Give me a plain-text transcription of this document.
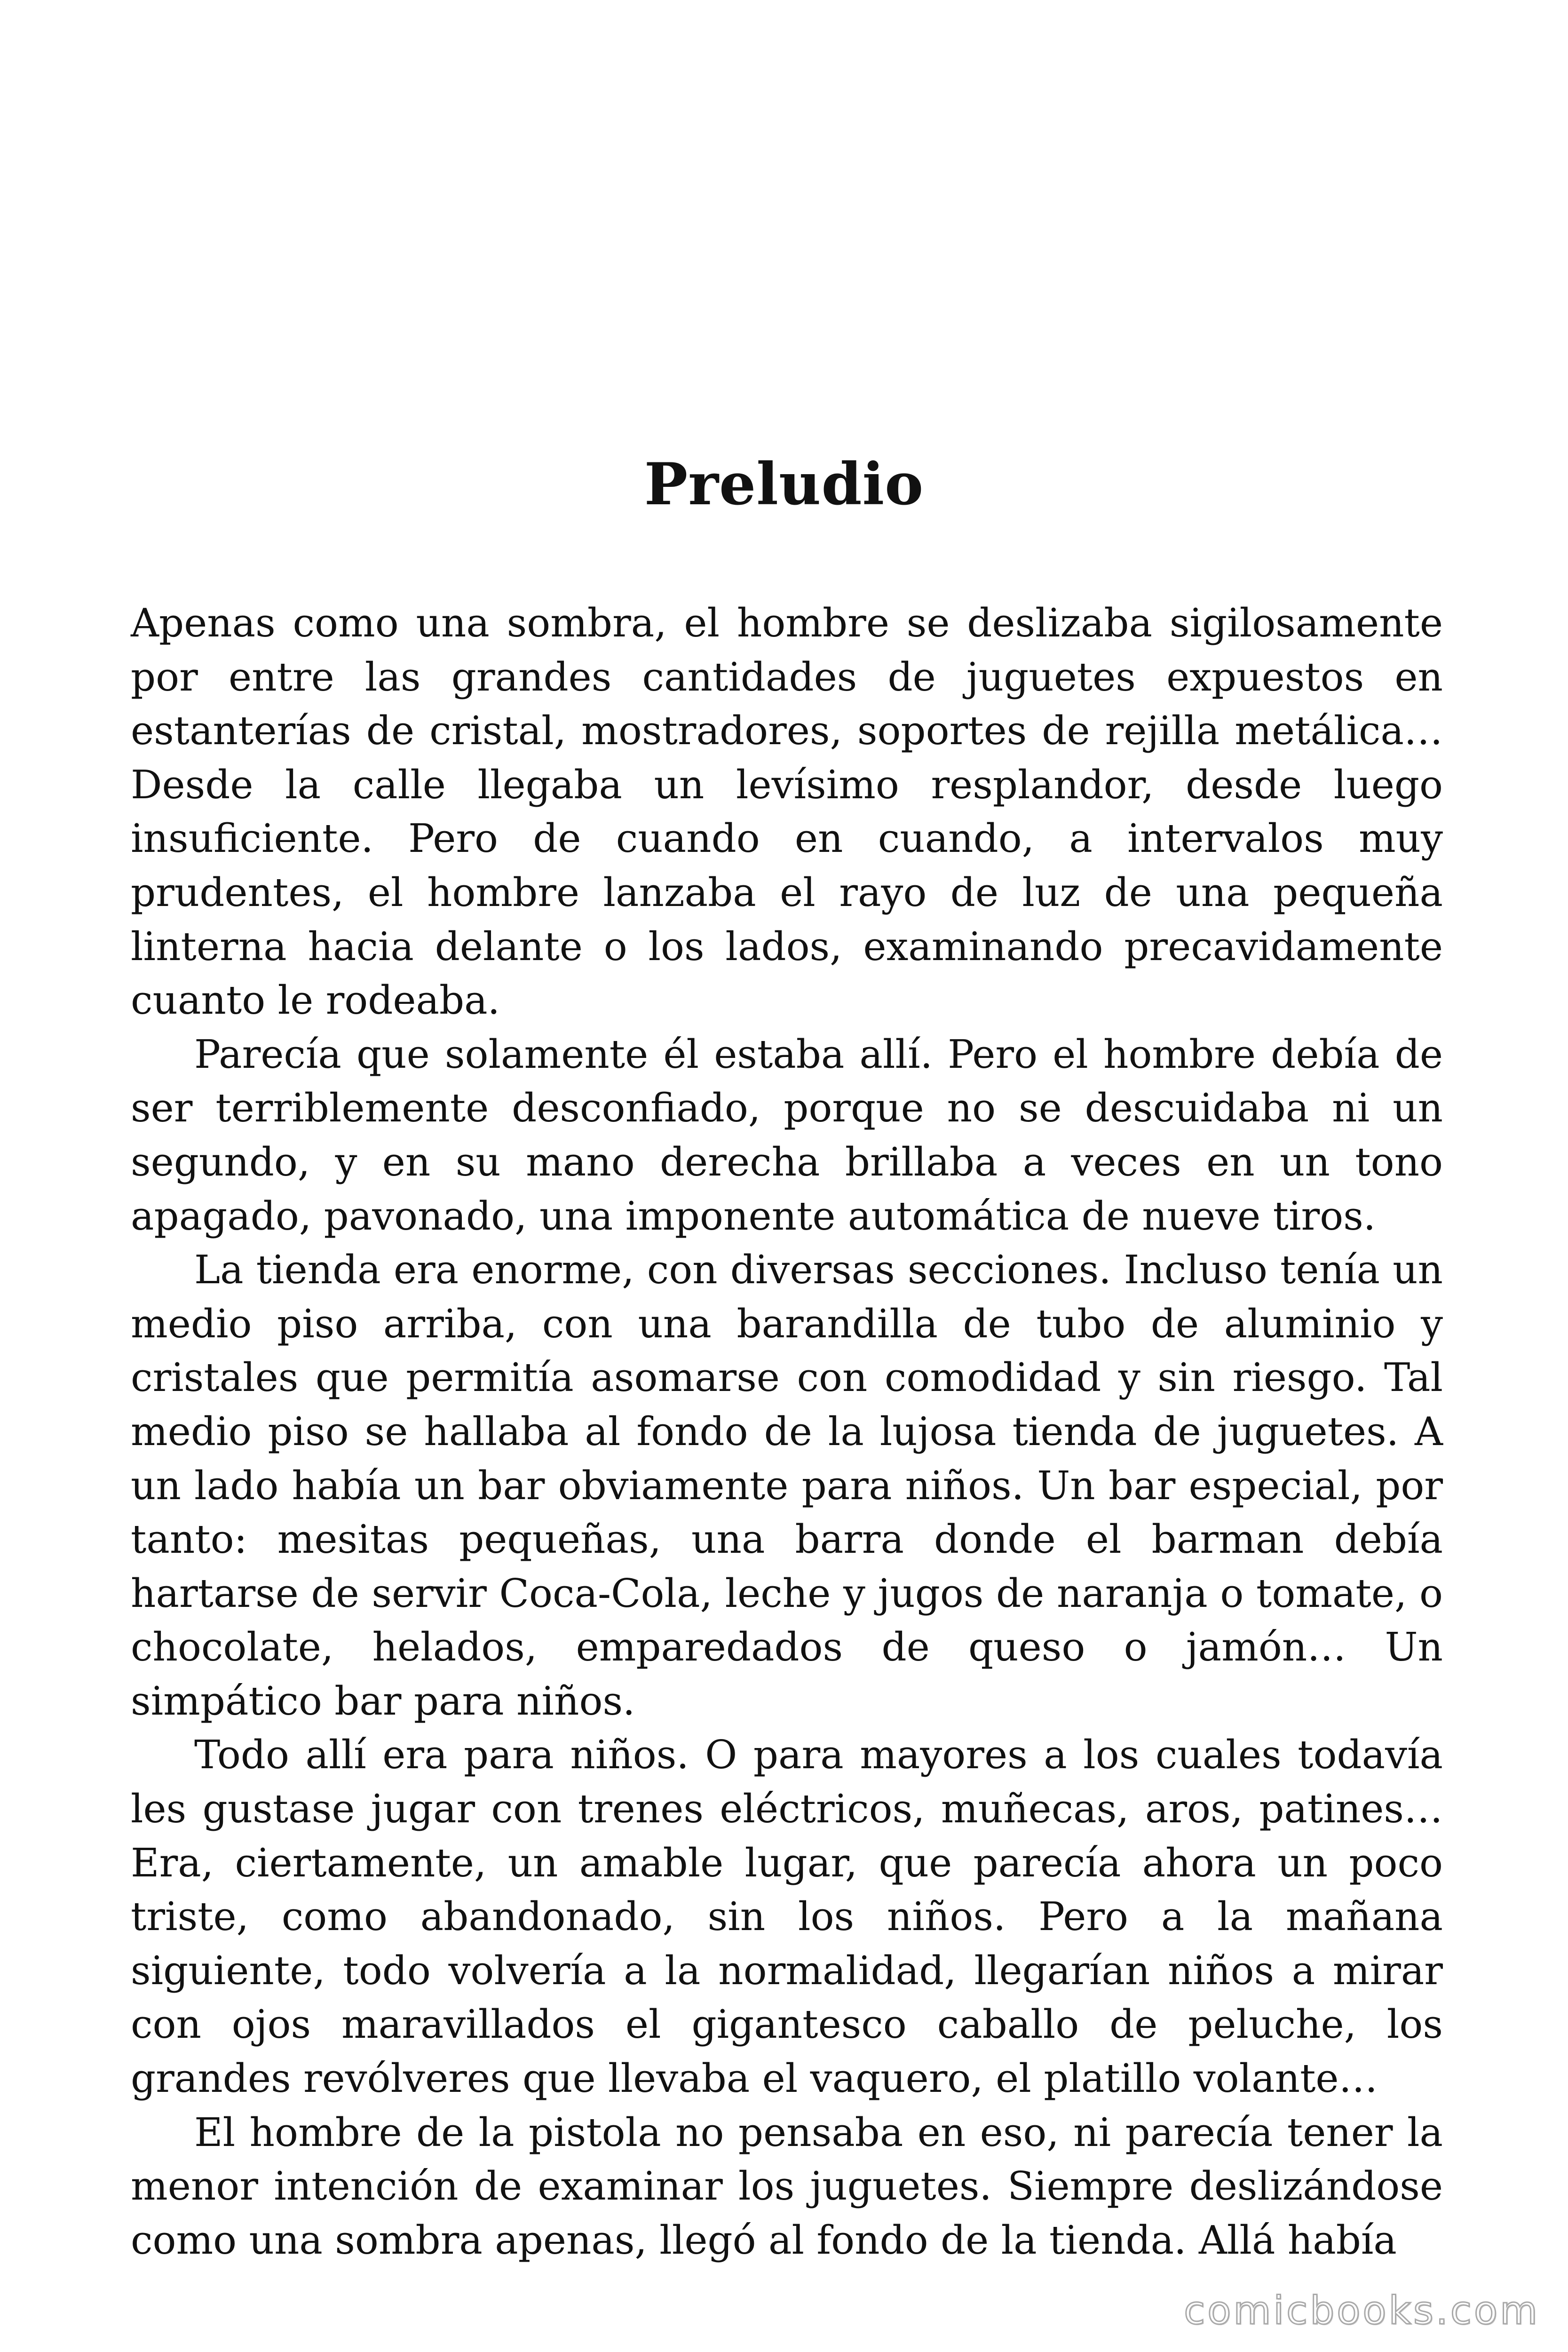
Preludio

Apenas como una sombra, el hombre se deslizaba sigilosamente por entre las grandes cantidades de juguetes expuestos en estanterías de cristal, mostradores, soportes de rejilla metálica… Desde la calle llegaba un levísimo resplandor, desde luego insuficiente. Pero de cuando en cuando, a intervalos muy prudentes, el hombre lanzaba el rayo de luz de una pequeña linterna hacia delante o los lados, examinando precavidamente cuanto le rodeaba.

Parecía que solamente él estaba allí. Pero el hombre debía de ser terriblemente desconfiado, porque no se descuidaba ni un segundo, y en su mano derecha brillaba a veces en un tono apagado, pavonado, una imponente automática de nueve tiros.

La tienda era enorme, con diversas secciones. Incluso tenía un medio piso arriba, con una barandilla de tubo de aluminio y cristales que permitía asomarse con comodidad y sin riesgo. Tal medio piso se hallaba al fondo de la lujosa tienda de juguetes. A un lado había un bar obviamente para niños. Un bar especial, por tanto: mesitas pequeñas, una barra donde el barman debía hartarse de servir Coca-Cola, leche y jugos de naranja o tomate, o chocolate, helados, emparedados de queso o jamón… Un simpático bar para niños.

Todo allí era para niños. O para mayores a los cuales todavía les gustase jugar con trenes eléctricos, muñecas, aros, patines… Era, ciertamente, un amable lugar, que parecía ahora un poco triste, como abandonado, sin los niños. Pero a la mañana siguiente, todo volvería a la normalidad, llegarían niños a mirar con ojos maravillados el gigantesco caballo de peluche, los grandes revólveres que llevaba el vaquero, el platillo volante…

El hombre de la pistola no pensaba en eso, ni parecía tener la menor intención de examinar los juguetes. Siempre deslizándose como una sombra apenas, llegó al fondo de la tienda. Allá había

comicbooks.com
